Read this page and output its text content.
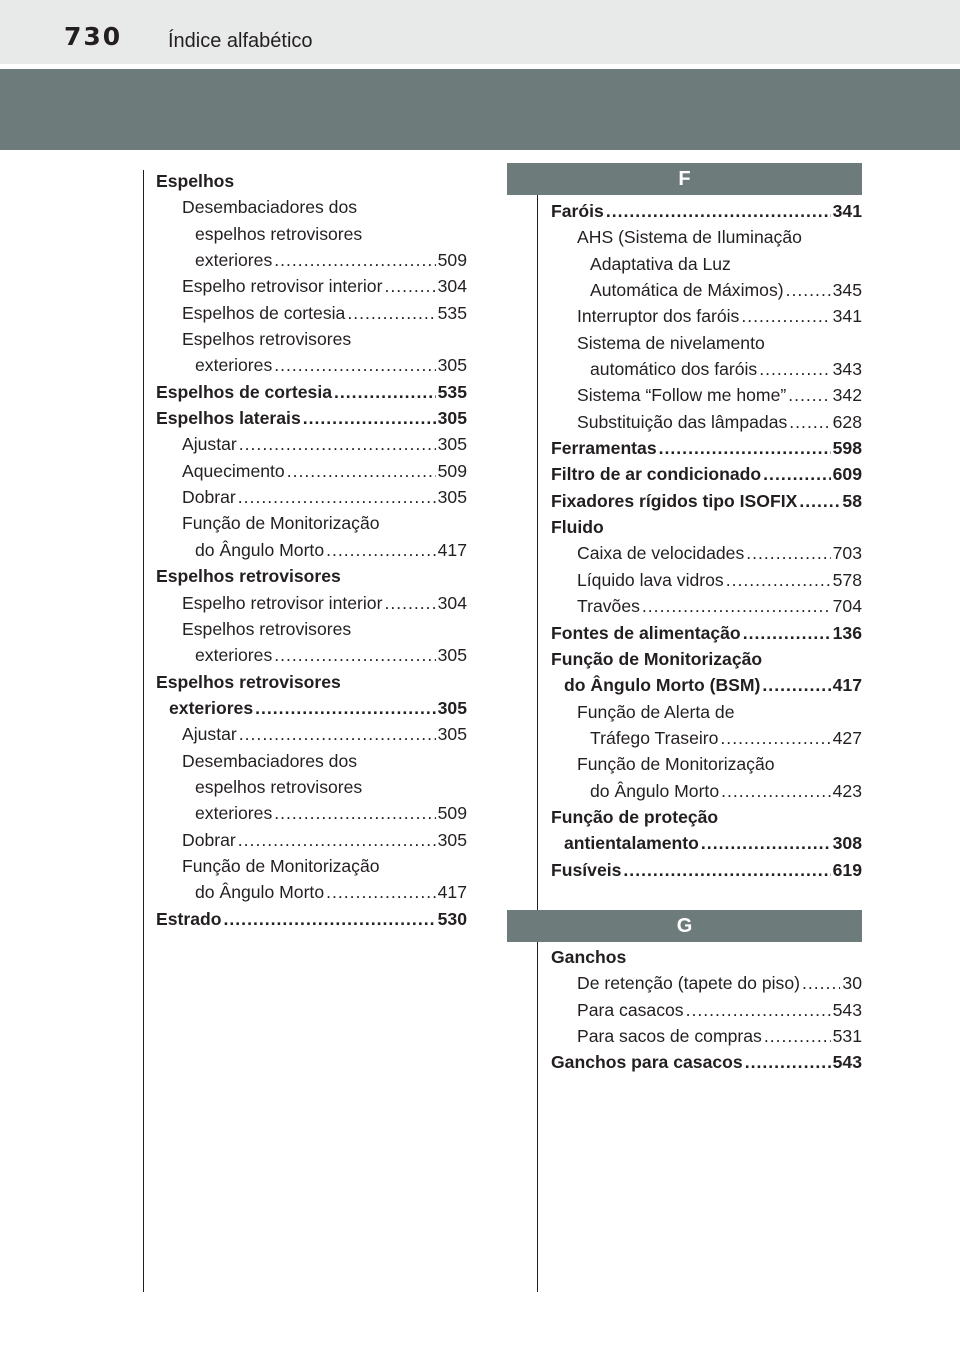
730 Índice alfabético
Espelhos
Desembaciadores dos
espelhos retrovisores
exteriores .....	509
Espelho retrovisor interior .....	304
Espelhos de cortesia .....	535
Espelhos retrovisores
exteriores .....	305
Espelhos de cortesia .....	535
Espelhos laterais .....	305
Ajustar .....	305
Aquecimento .....	509
Dobrar .....	305
Função de Monitorização
do Ângulo Morto .....	417
Espelhos retrovisores
Espelho retrovisor interior .....	304
Espelhos retrovisores
exteriores .....	305
Espelhos retrovisores
exteriores .....	305
Ajustar .....	305
Desembaciadores dos
espelhos retrovisores
exteriores .....	509
Dobrar .....	305
Função de Monitorização
do Ângulo Morto .....	417
Estrado .....	530
F
Faróis .....	341
AHS (Sistema de Iluminação
Adaptativa da Luz
Automática de Máximos) .....	345
Interruptor dos faróis .....	341
Sistema de nivelamento
automático dos faróis .....	343
Sistema “Follow me home” .....	342
Substituição das lâmpadas .....	628
Ferramentas .....	598
Filtro de ar condicionado .....	609
Fixadores rígidos tipo ISOFIX .....	58
Fluido
Caixa de velocidades .....	703
Líquido lava vidros .....	578
Travões .....	704
Fontes de alimentação .....	136
Função de Monitorização
do Ângulo Morto (BSM) .....	417
Função de Alerta de
Tráfego Traseiro .....	427
Função de Monitorização
do Ângulo Morto .....	423
Função de proteção
antientalamento .....	308
Fusíveis .....	619
G
Ganchos
De retenção (tapete do piso) ..... 30
Para casacos .....	543
Para sacos de compras .....	531
Ganchos para casacos .....	543
